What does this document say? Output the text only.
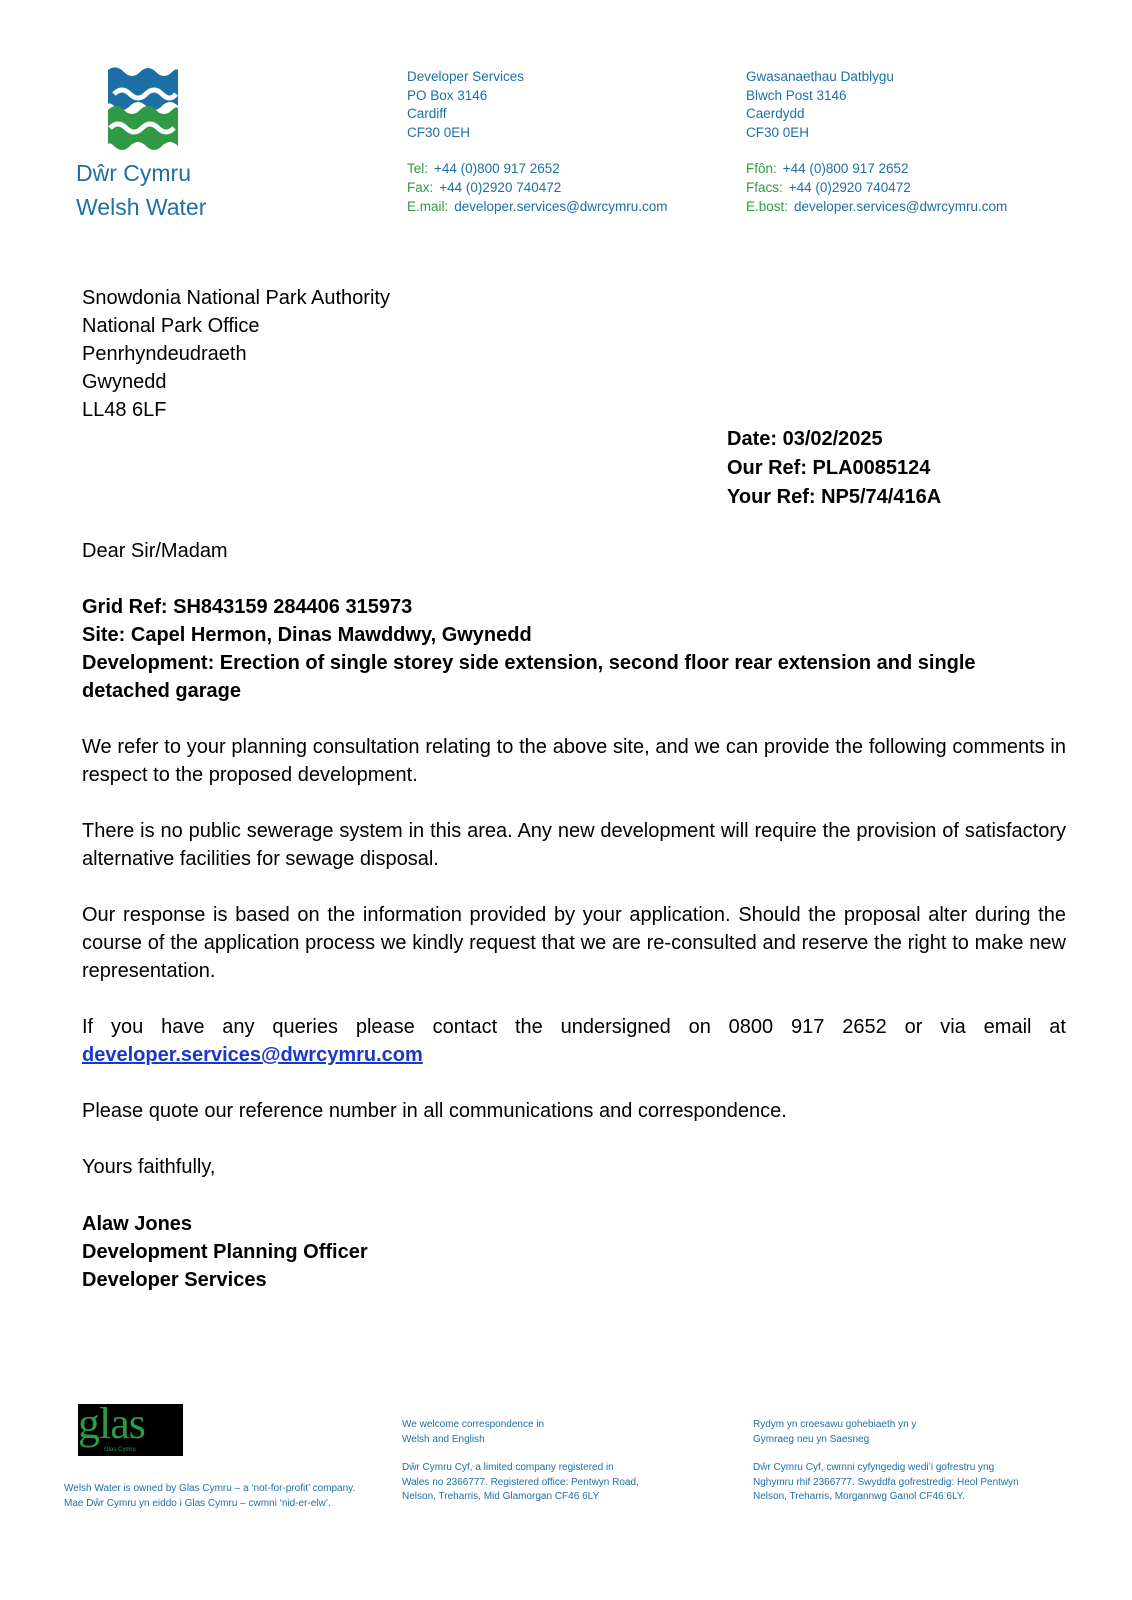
Dŵr Cymru
Welsh Water
Developer Services
PO Box 3146
Cardiff
CF30 0EH
Tel: +44 (0)800 917 2652
Fax: +44 (0)2920 740472
E.mail: developer.services@dwrcymru.com
Gwasanaethau Datblygu
Blwch Post 3146
Caerdydd
CF30 0EH
Ffôn: +44 (0)800 917 2652
Ffacs: +44 (0)2920 740472
E.bost: developer.services@dwrcymru.com
Snowdonia National Park Authority
National Park Office
Penrhyndeudraeth
Gwynedd
LL48 6LF
Date: 03/02/2025
Our Ref: PLA0085124
Your Ref: NP5/74/416A

Dear Sir/Madam

Grid Ref: SH843159 284406 315973
Site: Capel Hermon, Dinas Mawddwy, Gwynedd
Development: Erection of single storey side extension, second floor rear extension and single detached garage

We refer to your planning consultation relating to the above site, and we can provide the following comments in respect to the proposed development.

There is no public sewerage system in this area. Any new development will require the provision of satisfactory alternative facilities for sewage disposal.

Our response is based on the information provided by your application. Should the proposal alter during the course of the application process we kindly request that we are re-consulted and reserve the right to make new representation.

If you have any queries please contact the undersigned on 0800 917 2652 or via email at
developer.services@dwrcymru.com

Please quote our reference number in all communications and correspondence.

Yours faithfully,

Alaw Jones
Development Planning Officer
Developer Services
glas
Glas Cymru
Welsh Water is owned by Glas Cymru – a ‘not-for-profit’ company.
Mae Dŵr Cymru yn eiddo i Glas Cymru – cwmni ‘nid-er-elw’.
We welcome correspondence in
Welsh and English
Dŵr Cymru Cyf, a limited company registered in
Wales no 2366777. Registered office: Pentwyn Road,
Nelson, Treharris, Mid Glamorgan CF46 6LY
Rydym yn croesawu gohebiaeth yn y
Gymraeg neu yn Saesneg
Dŵr Cymru Cyf, cwmni cyfyngedig wedi’i gofrestru yng
Nghymru rhif 2366777. Swyddfa gofrestredig: Heol Pentwyn
Nelson, Treharris, Morgannwg Ganol CF46 6LY.
